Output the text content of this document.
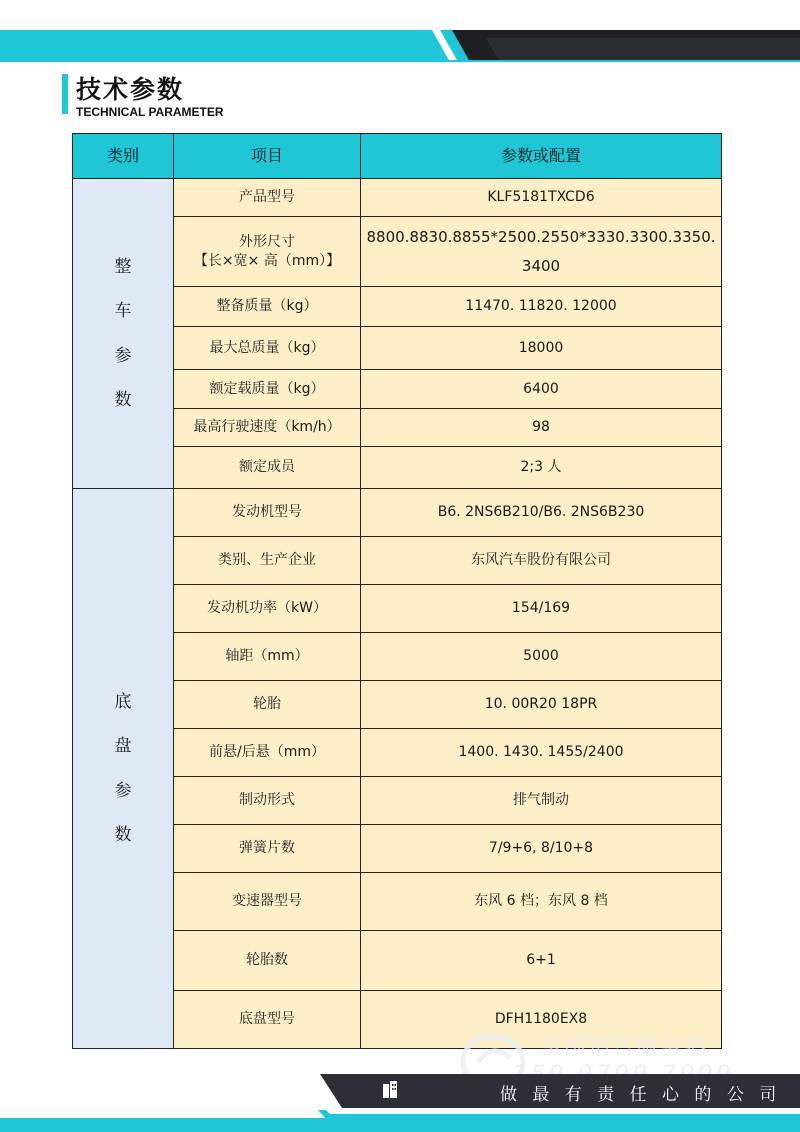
技术参数
TECHNICAL PARAMETER
类别	项目	参数或配置

整
车
参
数	产品型号	KLF5181TXCD6

	外形尺寸
【长×宽× 高（mm）】	8800.8830.8855*2500.2550*3330.3300.3350.3400
	整备质量（kg）	11470. 11820. 12000
	最大总质量（kg）	18000
	额定载质量（kg）	6400
	最高行驶速度（km/h）	98
	额定成员	2;3 人

底
盘
参
数	发动机型号	B6. 2NS6B210/B6. 2NS6B230
	类别、生产企业	东风汽车股份有限公司
	发动机功率（kW）	154/169
	轴距（mm）	5000
	轮胎	10. 00R20 18PR
	前悬/后悬（mm）	1400. 1430. 1455/2400
	制动形式	排气制动
	弹簧片数	7/9+6, 8/10+8
	变速器型号	东风 6 档；东风 8 档
	轮胎数	6+1
	底盘型号	DFH1180EX8
全国销售服务热
做 最 有 责 任 心 的 公 司
